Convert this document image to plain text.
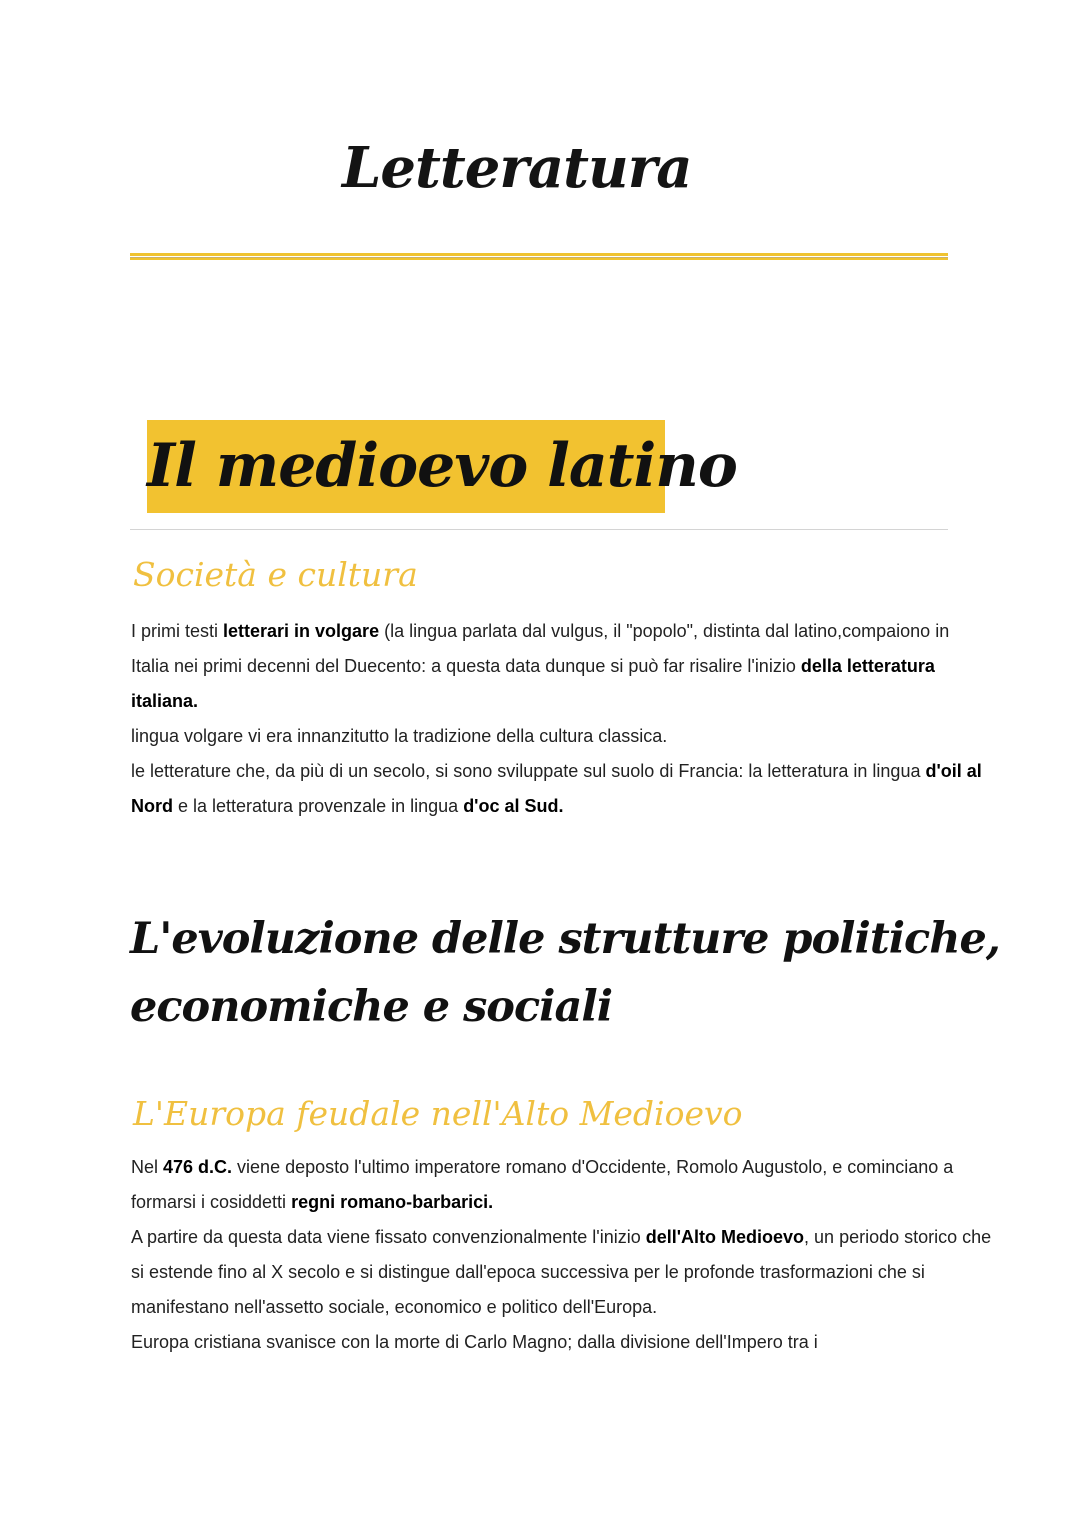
Letteratura
Il medioevo latino
Società e cultura
I primi testi letterari in volgare (la lingua parlata dal vulgus, il "popolo", distinta dal latino,compaiono in
Italia nei primi decenni del Duecento: a questa data dunque si può far risalire l'inizio della letteratura
italiana.
lingua volgare vi era innanzitutto la tradizione della cultura classica.
le letterature che, da più di un secolo, si sono sviluppate sul suolo di Francia: la letteratura in lingua d'oil al
Nord e la letteratura provenzale in lingua d'oc al Sud.
L'evoluzione delle strutture politiche,
economiche e sociali
L'Europa feudale nell'Alto Medioevo
Nel 476 d.C. viene deposto l'ultimo imperatore romano d'Occidente, Romolo Augustolo, e cominciano a
formarsi i cosiddetti regni romano-barbarici.
A partire da questa data viene fissato convenzionalmente l'inizio dell'Alto Medioevo, un periodo storico che
si estende fino al X secolo e si distingue dall'epoca successiva per le profonde trasformazioni che si
manifestano nell'assetto sociale, economico e politico dell'Europa.
Europa cristiana svanisce con la morte di Carlo Magno; dalla divisione dell'Impero tra i
